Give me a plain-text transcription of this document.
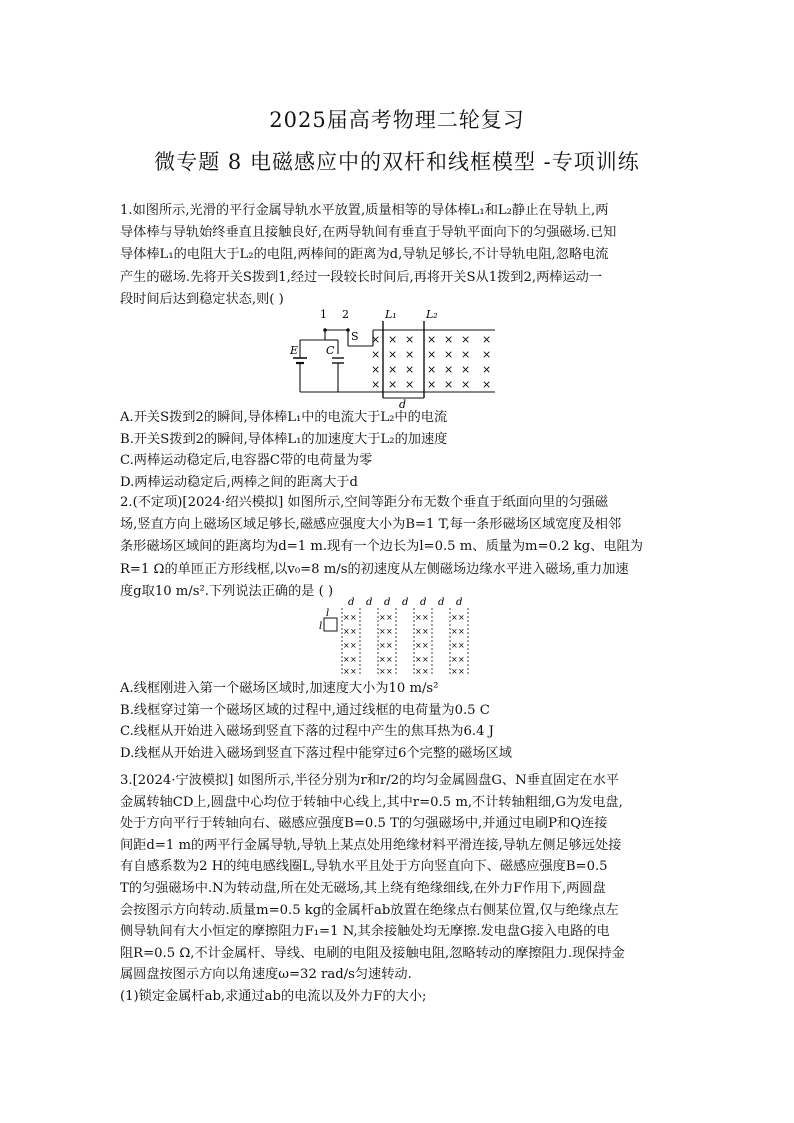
2025届高考物理二轮复习
微专题 8 电磁感应中的双杆和线框模型 -专项训练

1.如图所示,光滑的平行金属导轨水平放置,质量相等的导体棒L₁和L₂静止在导轨上,两

导体棒与导轨始终垂直且接触良好,在两导轨间有垂直于导轨平面向下的匀强磁场.已知

导体棒L₁的电阻大于L₂的电阻,两棒间的距离为d,导轨足够长,不计导轨电阻,忽略电流

产生的磁场.先将开关S拨到1,经过一段较长时间后,再将开关S从1拨到2,两棒运动一

段时间后达到稳定状态,则( )

1 2
S
E	C
L₁	L₂
d
× × × × × × ×
× × × × × × ×
× × × × × × ×
× × × × × × ×

A.开关S拨到2的瞬间,导体棒L₁中的电流大于L₂中的电流

B.开关S拨到2的瞬间,导体棒L₁的加速度大于L₂的加速度

C.两棒运动稳定后,电容器C带的电荷量为零

D.两棒运动稳定后,两棒之间的距离大于d

2.(不定项)[2024·绍兴模拟] 如图所示,空间等距分布无数个垂直于纸面向里的匀强磁

场,竖直方向上磁场区域足够长,磁感应强度大小为B=1 T,每一条形磁场区域宽度及相邻

条形磁场区域间的距离均为d=1 m.现有一个边长为l=0.5 m、质量为m=0.2 kg、电阻为

R=1 Ω的单匝正方形线框,以v₀=8 m/s的初速度从左侧磁场边缘水平进入磁场,重力加速

度g取10 m/s².下列说法正确的是 ( )

d d d d d d d
×
×
×
×
×
×
×
×
×
×
×
×
×
×
×
×
×
×
×
×
×
×
×
×
×
×
×
×
×
×
×
×
×
×
×
×
×
×
×
×
l
l

A.线框刚进入第一个磁场区域时,加速度大小为10 m/s²

B.线框穿过第一个磁场区域的过程中,通过线框的电荷量为0.5 C

C.线框从开始进入磁场到竖直下落的过程中产生的焦耳热为6.4 J

D.线框从开始进入磁场到竖直下落过程中能穿过6个完整的磁场区域

3.[2024·宁波模拟] 如图所示,半径分别为r和r/2的均匀金属圆盘G、N垂直固定在水平

金属转轴CD上,圆盘中心均位于转轴中心线上,其中r=0.5 m,不计转轴粗细,G为发电盘,

处于方向平行于转轴向右、磁感应强度B=0.5 T的匀强磁场中,并通过电刷P和Q连接

间距d=1 m的两平行金属导轨,导轨上某点处用绝缘材料平滑连接,导轨左侧足够远处接

有自感系数为2 H的纯电感线圈L,导轨水平且处于方向竖直向下、磁感应强度B=0.5

T的匀强磁场中.N为转动盘,所在处无磁场,其上绕有绝缘细线,在外力F作用下,两圆盘

会按图示方向转动.质量m=0.5 kg的金属杆ab放置在绝缘点右侧某位置,仅与绝缘点左

侧导轨间有大小恒定的摩擦阻力F₁=1 N,其余接触处均无摩擦.发电盘G接入电路的电

阻R=0.5 Ω,不计金属杆、导线、电刷的电阻及接触电阻,忽略转动的摩擦阻力.现保持金

属圆盘按图示方向以角速度ω=32 rad/s匀速转动.

(1)锁定金属杆ab,求通过ab的电流以及外力F的大小;
